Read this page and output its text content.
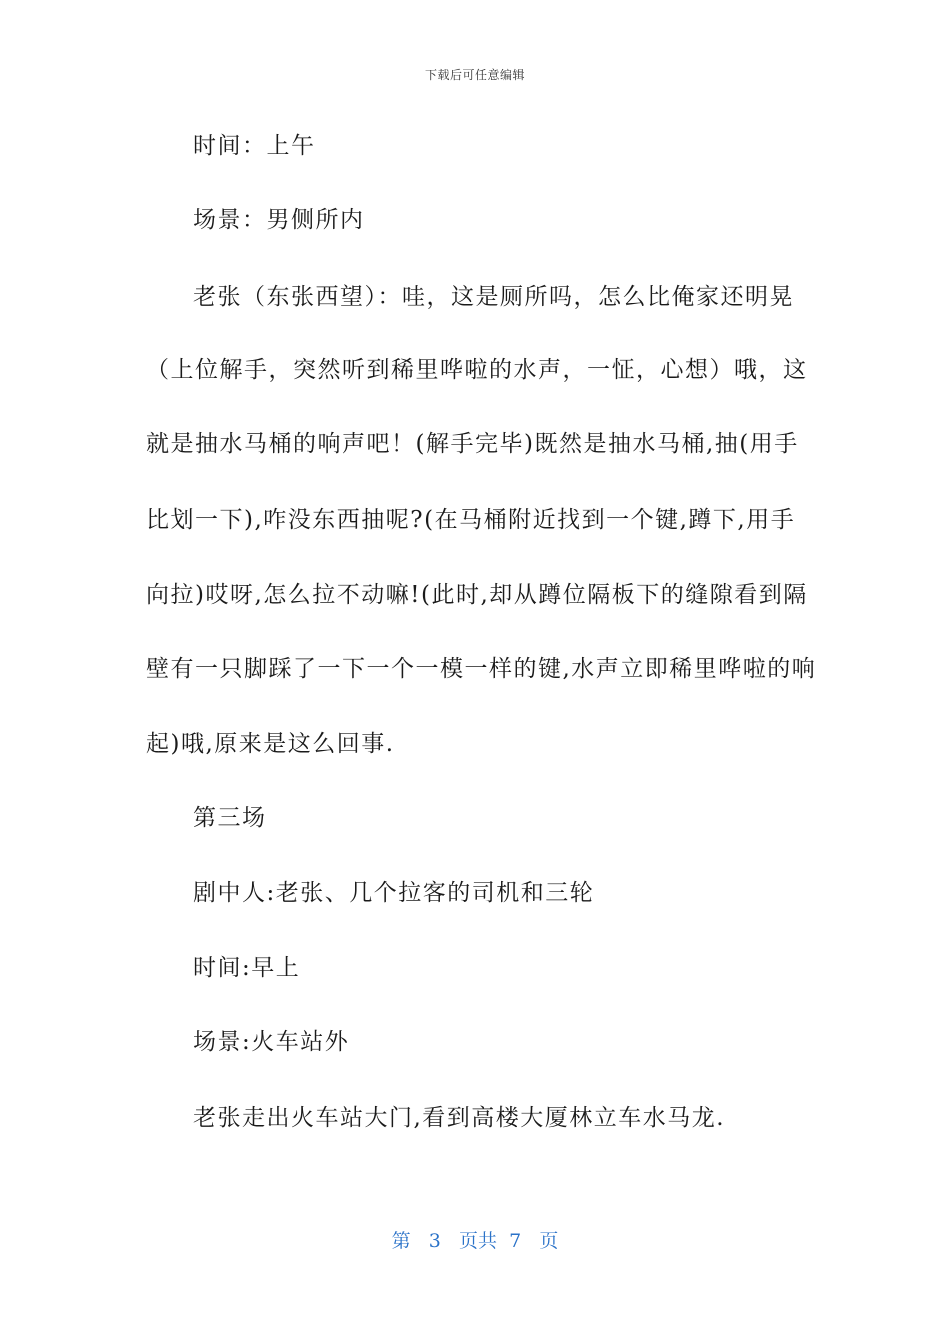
下载后可任意编辑
时间：上午
场景：男侧所内
老张（东张西望）：哇，这是厕所吗，怎么比俺家还明晃
（上位解手，突然听到稀里哗啦的水声，一怔，心想）哦，这
就是抽水马桶的响声吧！(解手完毕)既然是抽水马桶,抽(用手
比划一下),咋没东西抽呢?(在马桶附近找到一个键,蹲下,用手
向拉)哎呀,怎么拉不动嘛!(此时,却从蹲位隔板下的缝隙看到隔
壁有一只脚踩了一下一个一模一样的键,水声立即稀里哗啦的响
起)哦,原来是这么回事.
第三场
剧中人:老张、几个拉客的司机和三轮
时间:早上
场景:火车站外
老张走出火车站大门,看到高楼大厦林立车水马龙.
第 3 页共 7 页
